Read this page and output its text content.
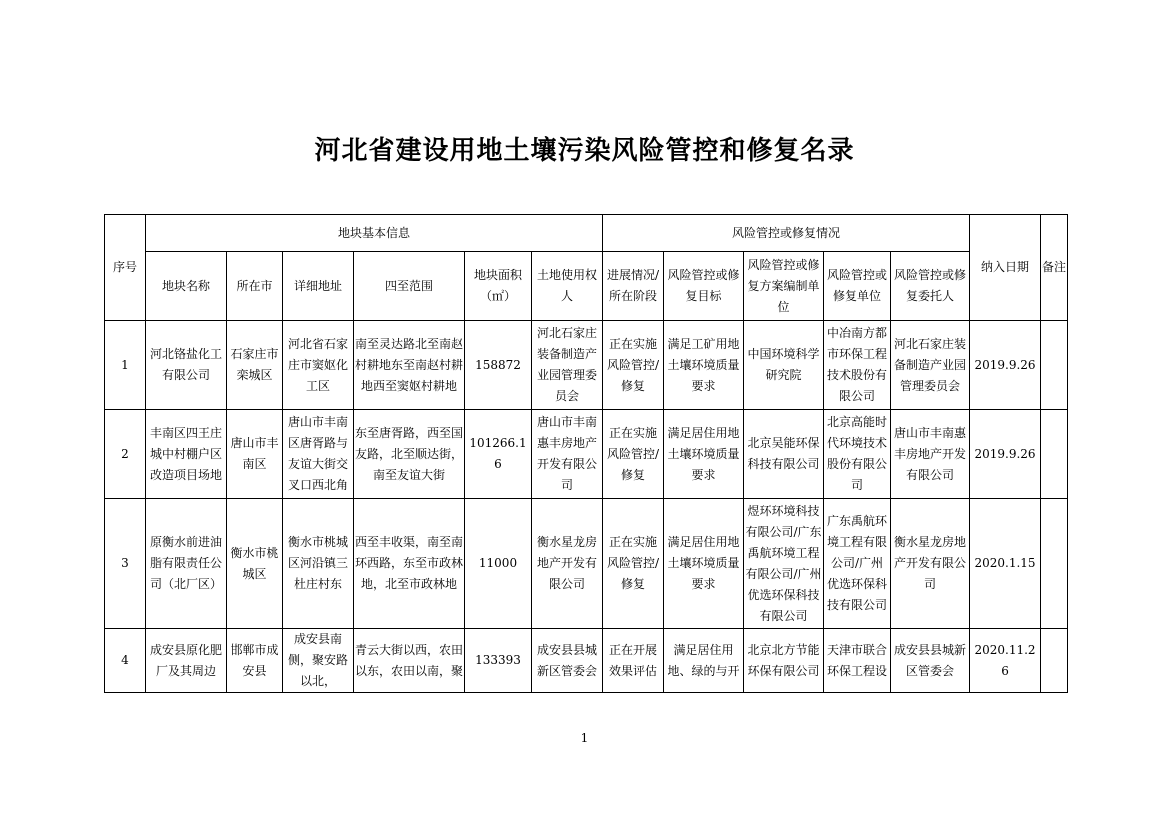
河北省建设用地土壤污染风险管控和修复名录
序号	地块基本信息						风险管控或修复情况					纳入日期	备注
	地块名称	所在市	详细地址	四至范围	地块面积（㎡）	土地使用权人	进展情况/所在阶段	风险管控或修复目标	风险管控或修复方案编制单位	风险管控或修复单位	风险管控或修复委托人		
1	河北铬盐化工有限公司	石家庄市栾城区	河北省石家庄市窦妪化工区	南至灵达路北至南赵村耕地东至南赵村耕地西至窦妪村耕地	158872	河北石家庄装备制造产业园管理委员会	正在实施风险管控/修复	满足工矿用地土壤环境质量要求	中国环境科学研究院	中冶南方都市环保工程技术股份有限公司	河北石家庄装备制造产业园管理委员会	2019.9.26	
2	丰南区四王庄城中村棚户区改造项目场地	唐山市丰南区	唐山市丰南区唐胥路与友谊大街交叉口西北角	东至唐胥路，西至国友路，北至顺达街，南至友谊大街	101266.16	唐山市丰南惠丰房地产开发有限公司	正在实施风险管控/修复	满足居住用地土壤环境质量要求	北京吴能环保科技有限公司	北京高能时代环境技术股份有限公司	唐山市丰南惠丰房地产开发有限公司	2019.9.26	
3	原衡水前进油脂有限责任公司（北厂区）	衡水市桃城区	衡水市桃城区河沿镇三杜庄村东	西至丰收渠，南至南环西路，东至市政林地，北至市政林地	11000	衡水星龙房地产开发有限公司	正在实施风险管控/修复	满足居住用地土壤环境质量要求	煜环环境科技有限公司/广东禹航环境工程有限公司/广州优选环保科技有限公司	广东禹航环境工程有限公司/广州优选环保科技有限公司	衡水星龙房地产开发有限公司	2020.1.15	
4	成安县原化肥厂及其周边	邯郸市成安县	成安县南侧，聚安路以北，	青云大街以西，农田以东，农田以南，聚	133393	成安县县城新区管委会	正在开展效果评估	满足居住用地、绿的与开	北京北方节能环保有限公司	天津市联合环保工程设	成安县县城新区管委会	2020.11.26	
1
